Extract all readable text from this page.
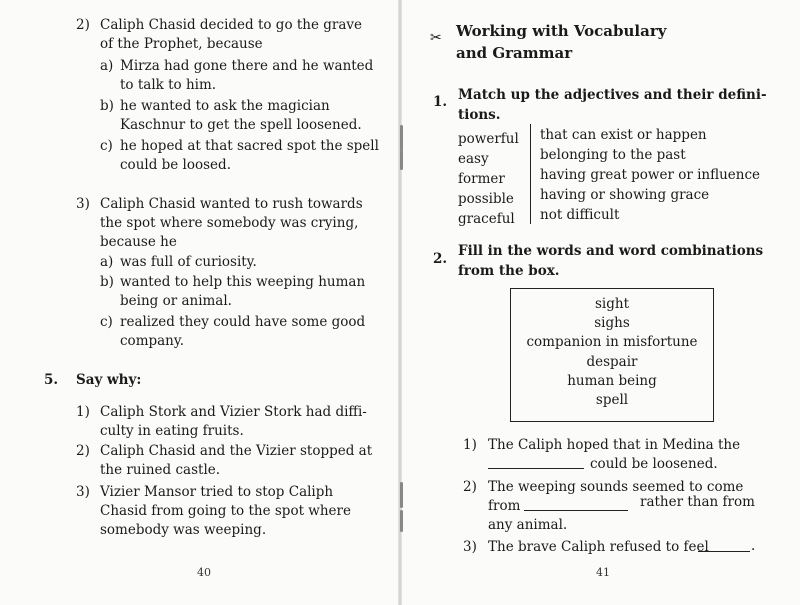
2) Caliph Chasid decided to go the grave
of the Prophet, because
a) Mirza had gone there and he wanted
to talk to him.
b) he wanted to ask the magician
Kaschnur to get the spell loosened.
c) he hoped at that sacred spot the spell
could be loosed.
3) Caliph Chasid wanted to rush towards
the spot where somebody was crying,
because he
a) was full of curiosity.
b) wanted to help this weeping human
being or animal.
c) realized they could have some good
company.
5. Say why:
1) Caliph Stork and Vizier Stork had diffi-
culty in eating fruits.
2) Caliph Chasid and the Vizier stopped at
the ruined castle.
3) Vizier Mansor tried to stop Caliph
Chasid from going to the spot where
somebody was weeping.
40
✂ Working with Vocabulary
and Grammar
1. Match up the adjectives and their defini-
tions.
powerful
easy
former
possible
graceful
that can exist or happen
belonging to the past
having great power or influence
having or showing grace
not difficult
2. Fill in the words and word combinations
from the box.
sight
sighs
companion in misfortune
despair
human being
spell
1) The Caliph hoped that in Medina the
could be loosened.
2) The weeping sounds seemed to come
from	rather than from
any animal.
3) The brave Caliph refused to feel	.
41
